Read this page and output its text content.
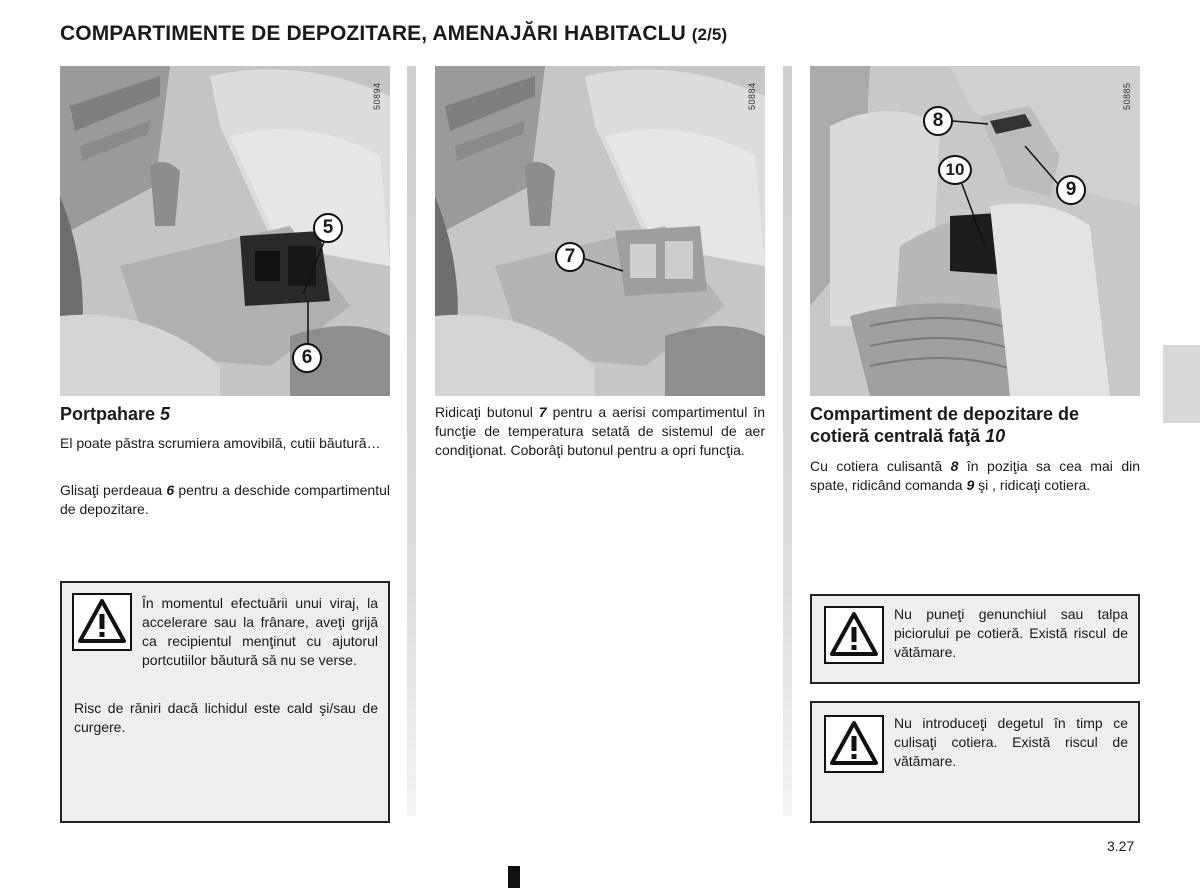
COMPARTIMENTE DE DEPOZITARE, AMENAJĂRI HABITACLU (2/5)
50894
5
6
50884
7
50885
8
9
10
Portpahare 5
El poate păstra scrumiera amovibilă, cutii băutură…
Glisaţi perdeaua 6 pentru a deschide compartimentul de depozitare.
În momentul efectuării unui viraj, la accelerare sau la frânare, aveţi grijă ca recipientul menţinut cu ajutorul portcutiilor băutură să nu se verse.
Risc de răniri dacă lichidul este cald şi/sau de curgere.
Ridicaţi butonul 7 pentru a aerisi compartimentul în funcţie de temperatura setată de sistemul de aer condiţionat. Coborâţi butonul pentru a opri funcţia.
Compartiment de depozitare de cotieră centrală faţă 10
Cu cotiera culisantă 8 în poziţia sa cea mai din spate, ridicând comanda 9 şi , ridicaţi cotiera.
Nu puneţi genunchiul sau talpa piciorului pe cotieră. Există riscul de vătămare.
Nu introduceţi degetul în timp ce culisaţi cotiera. Există riscul de vătămare.
3.27
